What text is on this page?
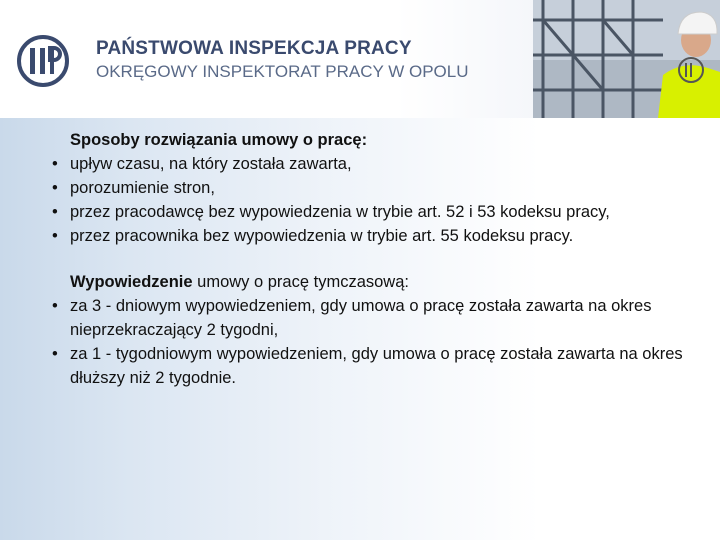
PAŃSTWOWA INSPEKCJA PRACY
OKRĘGOWY INSPEKTORAT PRACY W OPOLU

Sposoby rozwiązania umowy o pracę:

• upływ czasu, na który została zawarta,
• porozumienie stron,
• przez pracodawcę bez wypowiedzenia w trybie art. 52 i 53 kodeksu pracy,
• przez pracownika bez wypowiedzenia w trybie art. 55 kodeksu pracy.

Wypowiedzenie umowy o pracę tymczasową:

• za 3 - dniowym wypowiedzeniem, gdy umowa o pracę została zawarta na okres nieprzekraczający 2 tygodni,
• za 1 - tygodniowym wypowiedzeniem, gdy umowa o pracę została zawarta na okres dłuższy niż 2 tygodnie.
